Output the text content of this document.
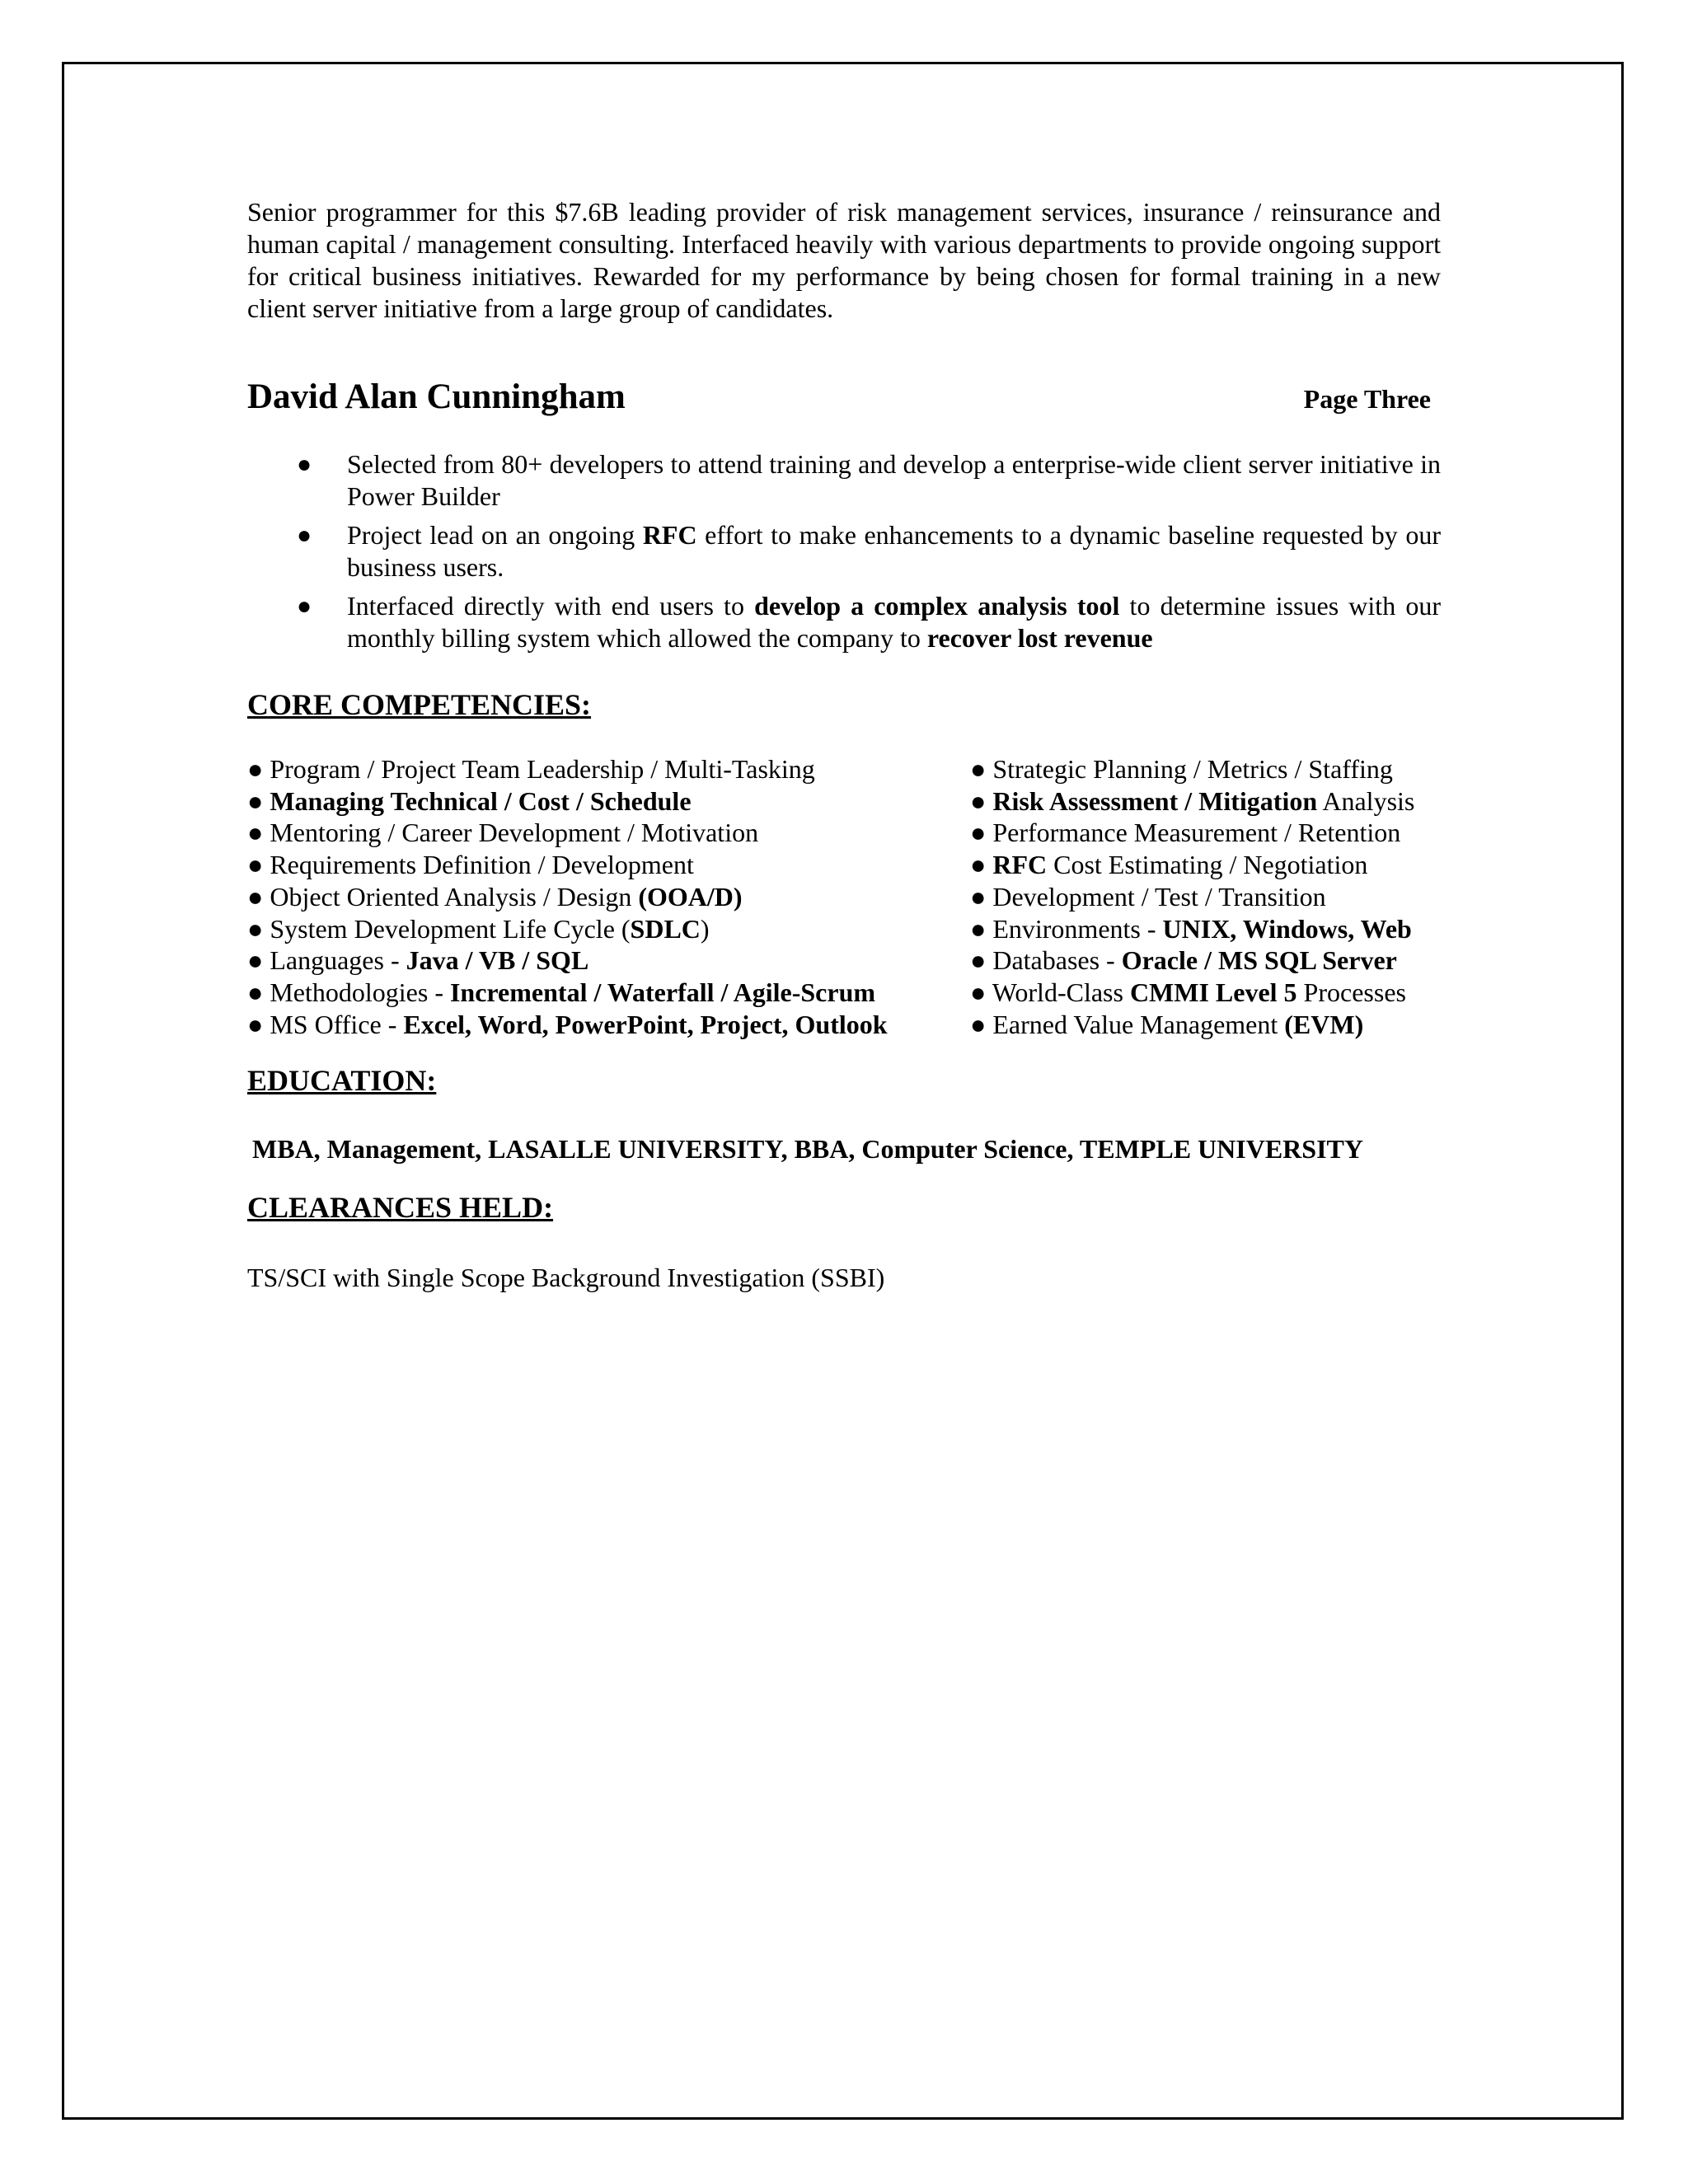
Senior programmer for this $7.6B leading provider of risk management services, insurance / reinsurance and human capital / management consulting. Interfaced heavily with various departments to provide ongoing support for critical business initiatives. Rewarded for my performance by being chosen for formal training in a new client server initiative from a large group of candidates.

David Alan Cunningham	Page Three
● Selected from 80+ developers to attend training and develop a enterprise-wide client server initiative in Power Builder
● Project lead on an ongoing RFC effort to make enhancements to a dynamic baseline requested by our business users.
● Interfaced directly with end users to develop a complex analysis tool to determine issues with our monthly billing system which allowed the company to recover lost revenue
CORE COMPETENCIES:
● Program / Project Team Leadership / Multi-Tasking
● Managing Technical / Cost / Schedule
● Mentoring / Career Development / Motivation
● Requirements Definition / Development
● Object Oriented Analysis / Design (OOA/D)
● System Development Life Cycle (SDLC)
● Languages - Java / VB / SQL
● Methodologies - Incremental / Waterfall / Agile-Scrum
● MS Office - Excel, Word, PowerPoint, Project, Outlook
● Strategic Planning / Metrics / Staffing
● Risk Assessment / Mitigation Analysis
● Performance Measurement / Retention
● RFC Cost Estimating / Negotiation
● Development / Test / Transition
● Environments - UNIX, Windows, Web
● Databases - Oracle / MS SQL Server
● World-Class CMMI Level 5 Processes
● Earned Value Management (EVM)
EDUCATION:
MBA, Management, LASALLE UNIVERSITY, BBA, Computer Science, TEMPLE UNIVERSITY
CLEARANCES HELD:
TS/SCI with Single Scope Background Investigation (SSBI)
